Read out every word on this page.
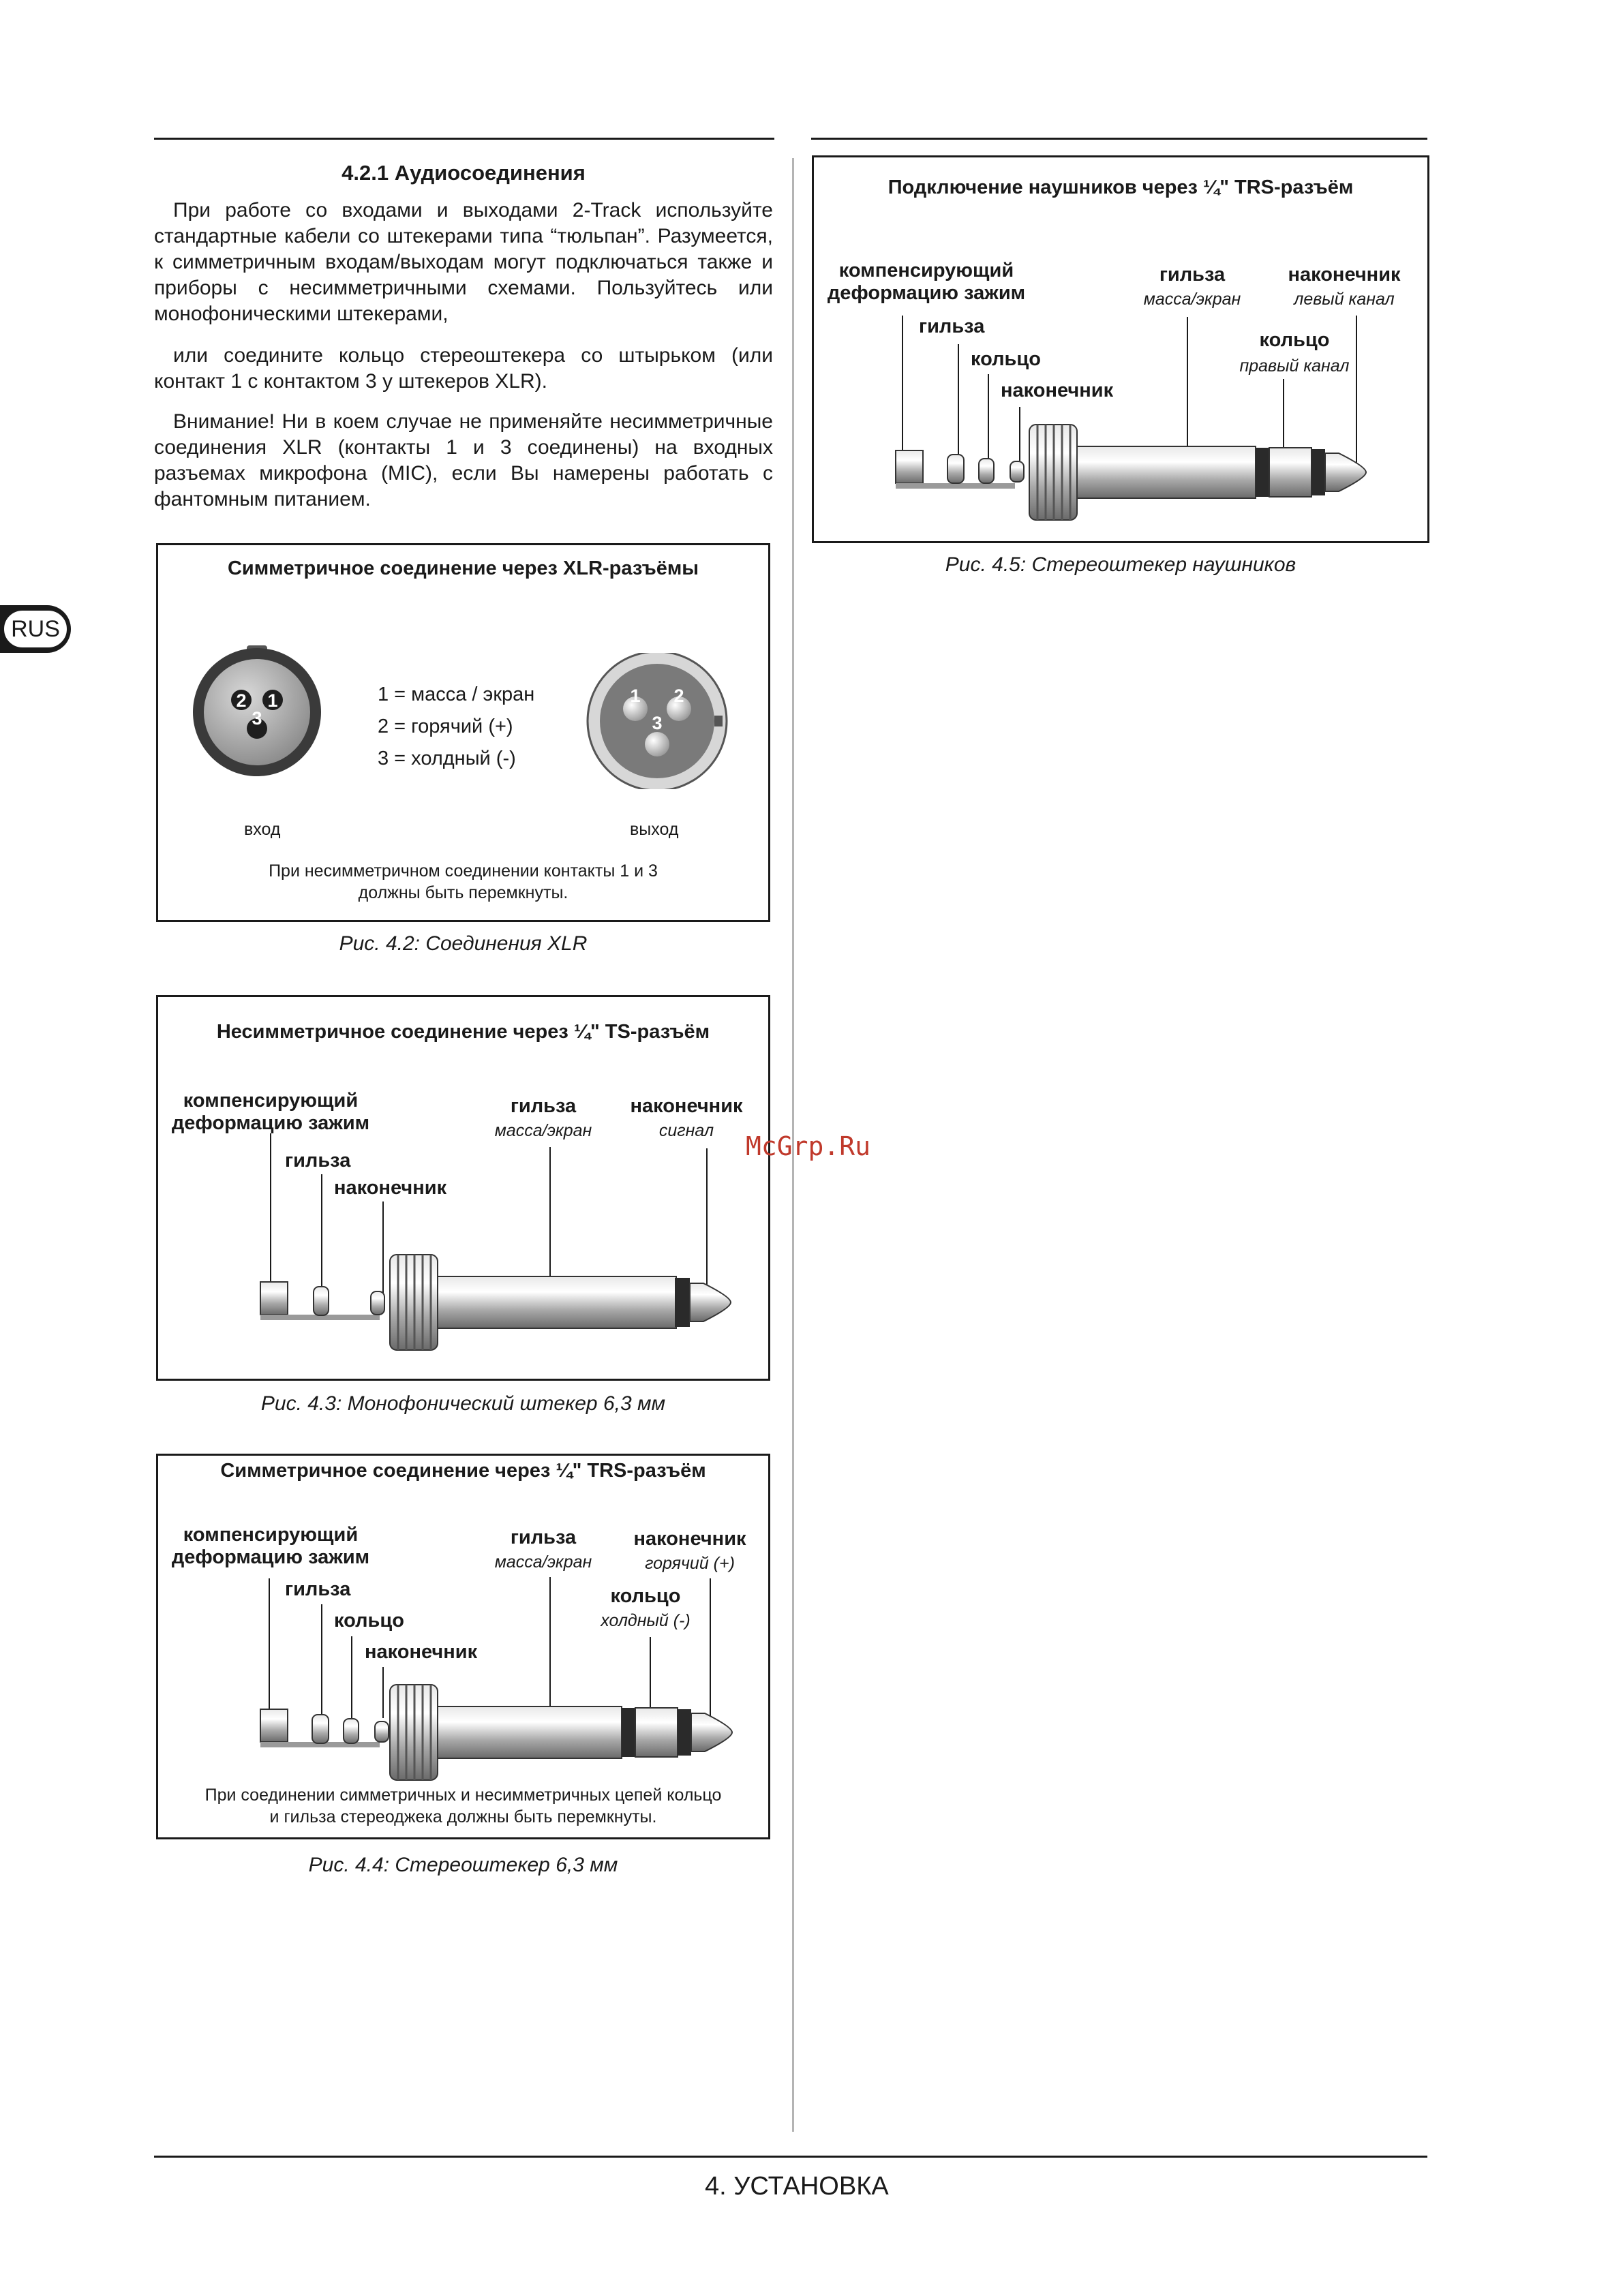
RUS
4.2.1 Аудиосоединения

При работе со входами и выходами 2-Track используйте стандартные кабели со штекерами типа “тюльпан”. Разумеется, к симметричным входам/выходам могут подключаться также и приборы с несимметричными схемами. Пользуйтесь или монофоническими штекерами,

или соедините кольцо стереоштекера со штырьком (или контакт 1 с контактом 3 у штекеров XLR).

Внимание! Ни в коем случае не применяйте несимметричные соединения XLR (контакты 1 и 3 соединены) на входных разъемах микрофона (MIC), если Вы намерены работать с фантомным питанием.

Симметричное соединение через XLR-разъёмы
2 1
3
1 = масса / экран
2 = горячий (+)
3 = холдный (-)
1 2
3
вход	выход
При несимметричном соединении контакты 1 и 3
должны быть перемкнуты.
Рис. 4.2: Соединения XLR
Несимметричное соединение через ¼" TS-разъём
компенсирующий
деформацию зажим
гильза
наконечник
гильза
масса/экран
наконечник
сигнал
Рис. 4.3: Монофонический штекер 6,3 мм
Симметричное соединение через ¼" TRS-разъём
компенсирующий
деформацию зажим
гильза
кольцо
наконечник
гильза
масса/экран
наконечник
горячий (+)
кольцо
холдный (-)
При соединении симметричных и несимметричных цепей кольцо
и гильза стереоджека должны быть перемкнуты.
Рис. 4.4: Стереоштекер 6,3 мм
Подключение наушников через ¼" TRS-разъём
компенсирующий
деформацию зажим
гильза
кольцо
наконечник
гильза
масса/экран
наконечник
левый канал
кольцо
правый канал
Рис. 4.5: Стереоштекер наушников
McGrp.Ru
4. УСТАНОВКА
